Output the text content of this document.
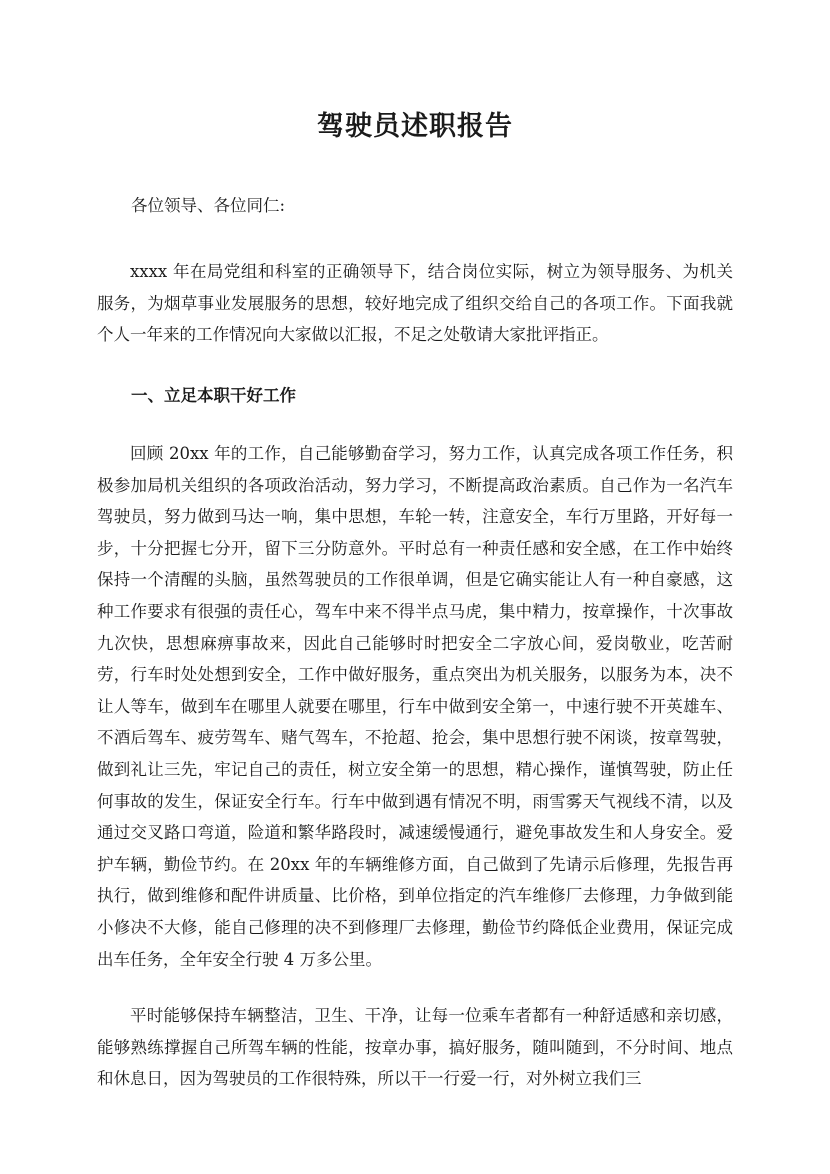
驾驶员述职报告

各位领导、各位同仁:

xxxx 年在局党组和科室的正确领导下，结合岗位实际，树立为领导服务、为机关服务，为烟草事业发展服务的思想，较好地完成了组织交给自己的各项工作。下面我就个人一年来的工作情况向大家做以汇报，不足之处敬请大家批评指正。

一、立足本职干好工作

回顾 20xx 年的工作，自己能够勤奋学习，努力工作，认真完成各项工作任务，积极参加局机关组织的各项政治活动，努力学习，不断提高政治素质。自己作为一名汽车驾驶员，努力做到马达一响，集中思想，车轮一转，注意安全，车行万里路，开好每一步，十分把握七分开，留下三分防意外。平时总有一种责任感和安全感，在工作中始终保持一个清醒的头脑，虽然驾驶员的工作很单调，但是它确实能让人有一种自豪感，这种工作要求有很强的责任心，驾车中来不得半点马虎，集中精力，按章操作，十次事故九次快，思想麻痹事故来，因此自己能够时时把安全二字放心间，爱岗敬业，吃苦耐劳，行车时处处想到安全，工作中做好服务，重点突出为机关服务，以服务为本，决不让人等车，做到车在哪里人就要在哪里，行车中做到安全第一，中速行驶不开英雄车、不酒后驾车、疲劳驾车、赌气驾车，不抢超、抢会，集中思想行驶不闲谈，按章驾驶，做到礼让三先，牢记自己的责任，树立安全第一的思想，精心操作，谨慎驾驶，防止任何事故的发生，保证安全行车。行车中做到遇有情况不明，雨雪雾天气视线不清，以及通过交叉路口弯道，险道和繁华路段时，减速缓慢通行，避免事故发生和人身安全。爱护车辆，勤俭节约。在 20xx 年的车辆维修方面，自己做到了先请示后修理，先报告再执行，做到维修和配件讲质量、比价格，到单位指定的汽车维修厂去修理，力争做到能小修决不大修，能自己修理的决不到修理厂去修理，勤俭节约降低企业费用，保证完成出车任务，全年安全行驶 4 万多公里。

平时能够保持车辆整洁，卫生、干净，让每一位乘车者都有一种舒适感和亲切感，能够熟练撑握自己所驾车辆的性能，按章办事，搞好服务，随叫随到，不分时间、地点和休息日，因为驾驶员的工作很特殊，所以干一行爱一行，对外树立我们三
